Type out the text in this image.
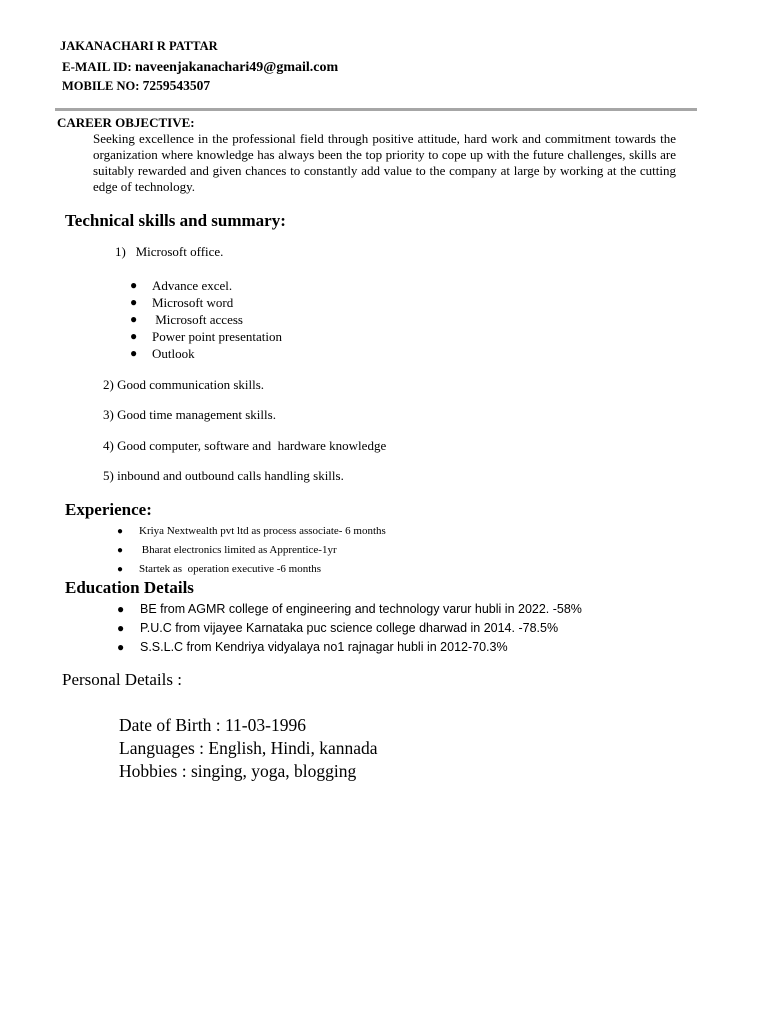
JAKANACHARI R PATTAR
E-MAIL ID: naveenjakanachari49@gmail.com
MOBILE NO: 7259543507
CAREER OBJECTIVE:
Seeking excellence in the professional field through positive attitude, hard work and commitment towards the organization where knowledge has always been the top priority to cope up with the future challenges, skills are suitably rewarded and given chances to constantly add value to the company at large by working at the cutting edge of technology.
Technical skills and summary:
1)   Microsoft office.
● Advance excel.
● Microsoft word
● Microsoft access
● Power point presentation
● Outlook
2) Good communication skills.
3) Good time management skills.
4) Good computer, software and  hardware knowledge
5) inbound and outbound calls handling skills.
Experience:
● Kriya Nextwealth pvt ltd as process associate- 6 months
● Bharat electronics limited as Apprentice-1yr
● Startek as  operation executive -6 months
Education Details
● BE from AGMR college of engineering and technology varur hubli in 2022. -58%
● P.U.C from vijayee Karnataka puc science college dharwad in 2014. -78.5%
● S.S.L.C from Kendriya vidyalaya no1 rajnagar hubli in 2012-70.3%
Personal Details :
Date of Birth : 11-03-1996
Languages : English, Hindi, kannada
Hobbies : singing, yoga, blogging
